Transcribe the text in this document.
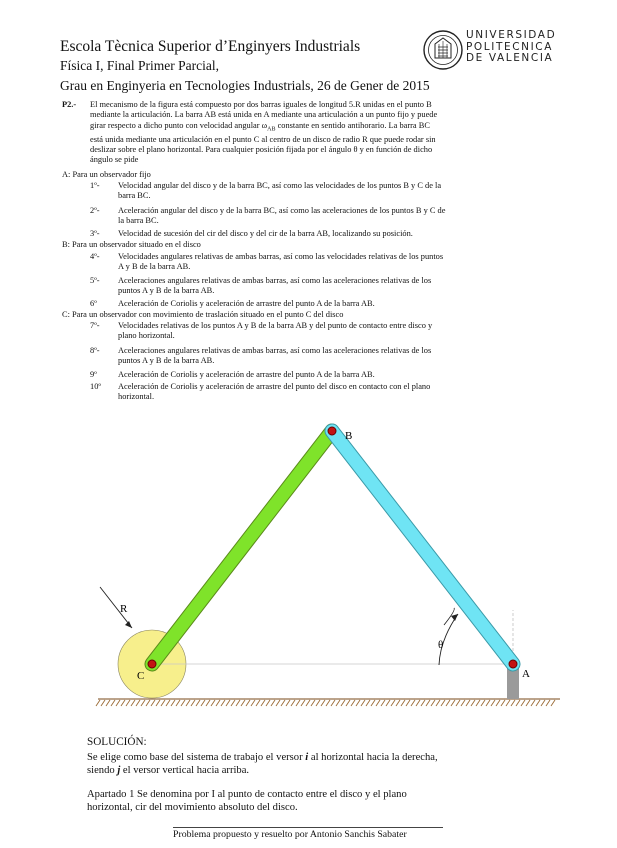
Escola Tècnica Superior d’Enginyers Industrials
Física I, Final Primer Parcial,
Grau en Enginyeria en Tecnologies Industrials, 26 de Gener de 2015
UNIVERSIDAD
POLITECNICA
DE VALENCIA
P2.- El mecanismo de la figura está compuesto por dos barras iguales de longitud 5.R unidas en el punto B
mediante la articulación. La barra AB está unida en A mediante una articulación a un punto fijo y puede
girar respecto a dicho punto con velocidad angular $\omega_{AB}$ constante en sentido antihorario. La barra BC
está unida mediante una articulación en el punto C al centro de un disco de radio R que puede rodar sin
deslizar sobre el plano horizontal. Para cualquier posición fijada por el ángulo θ y en función de dicho
ángulo se pide
A: Para un observador fijo
1º- Velocidad angular del disco y de la barra BC, así como las velocidades de los puntos B y C de la
barra BC.
2º- Aceleración angular del disco y de la barra BC, así como las aceleraciones de los puntos B y C de
la barra BC.
3º- Velocidad de sucesión del cir del disco y del cir de la barra AB, localizando su posición.
B: Para un observador situado en el disco
4º- Velocidades angulares relativas de ambas barras, así como las velocidades relativas de los puntos
A y B de la barra AB.
5º- Aceleraciones angulares relativas de ambas barras, así como las aceleraciones relativas de los
puntos A y B de la barra AB.
6º	Aceleración de Coriolis y aceleración de arrastre del punto A de la barra AB.
C: Para un observador con movimiento de traslación situado en el punto C del disco
7º- Velocidades relativas de los puntos A y B de la barra AB y del punto de contacto entre disco y
plano horizontal.
8º- Aceleraciones angulares relativas de ambas barras, así como las aceleraciones relativas de los
puntos A y B de la barra AB.
9º	Aceleración de Coriolis y aceleración de arrastre del punto A de la barra AB.
10º Aceleración de Coriolis y aceleración de arrastre del punto del disco en contacto con el plano
horizontal.
B
A
C
R
θ
SOLUCIÓN:
Se elige como base del sistema de trabajo el versor i al horizontal hacia la derecha,
siendo j el versor vertical hacia arriba.
Apartado 1 Se denomina por I al punto de contacto entre el disco y el plano
horizontal, cir del movimiento absoluto del disco.
Problema propuesto y resuelto por Antonio Sanchis Sabater
